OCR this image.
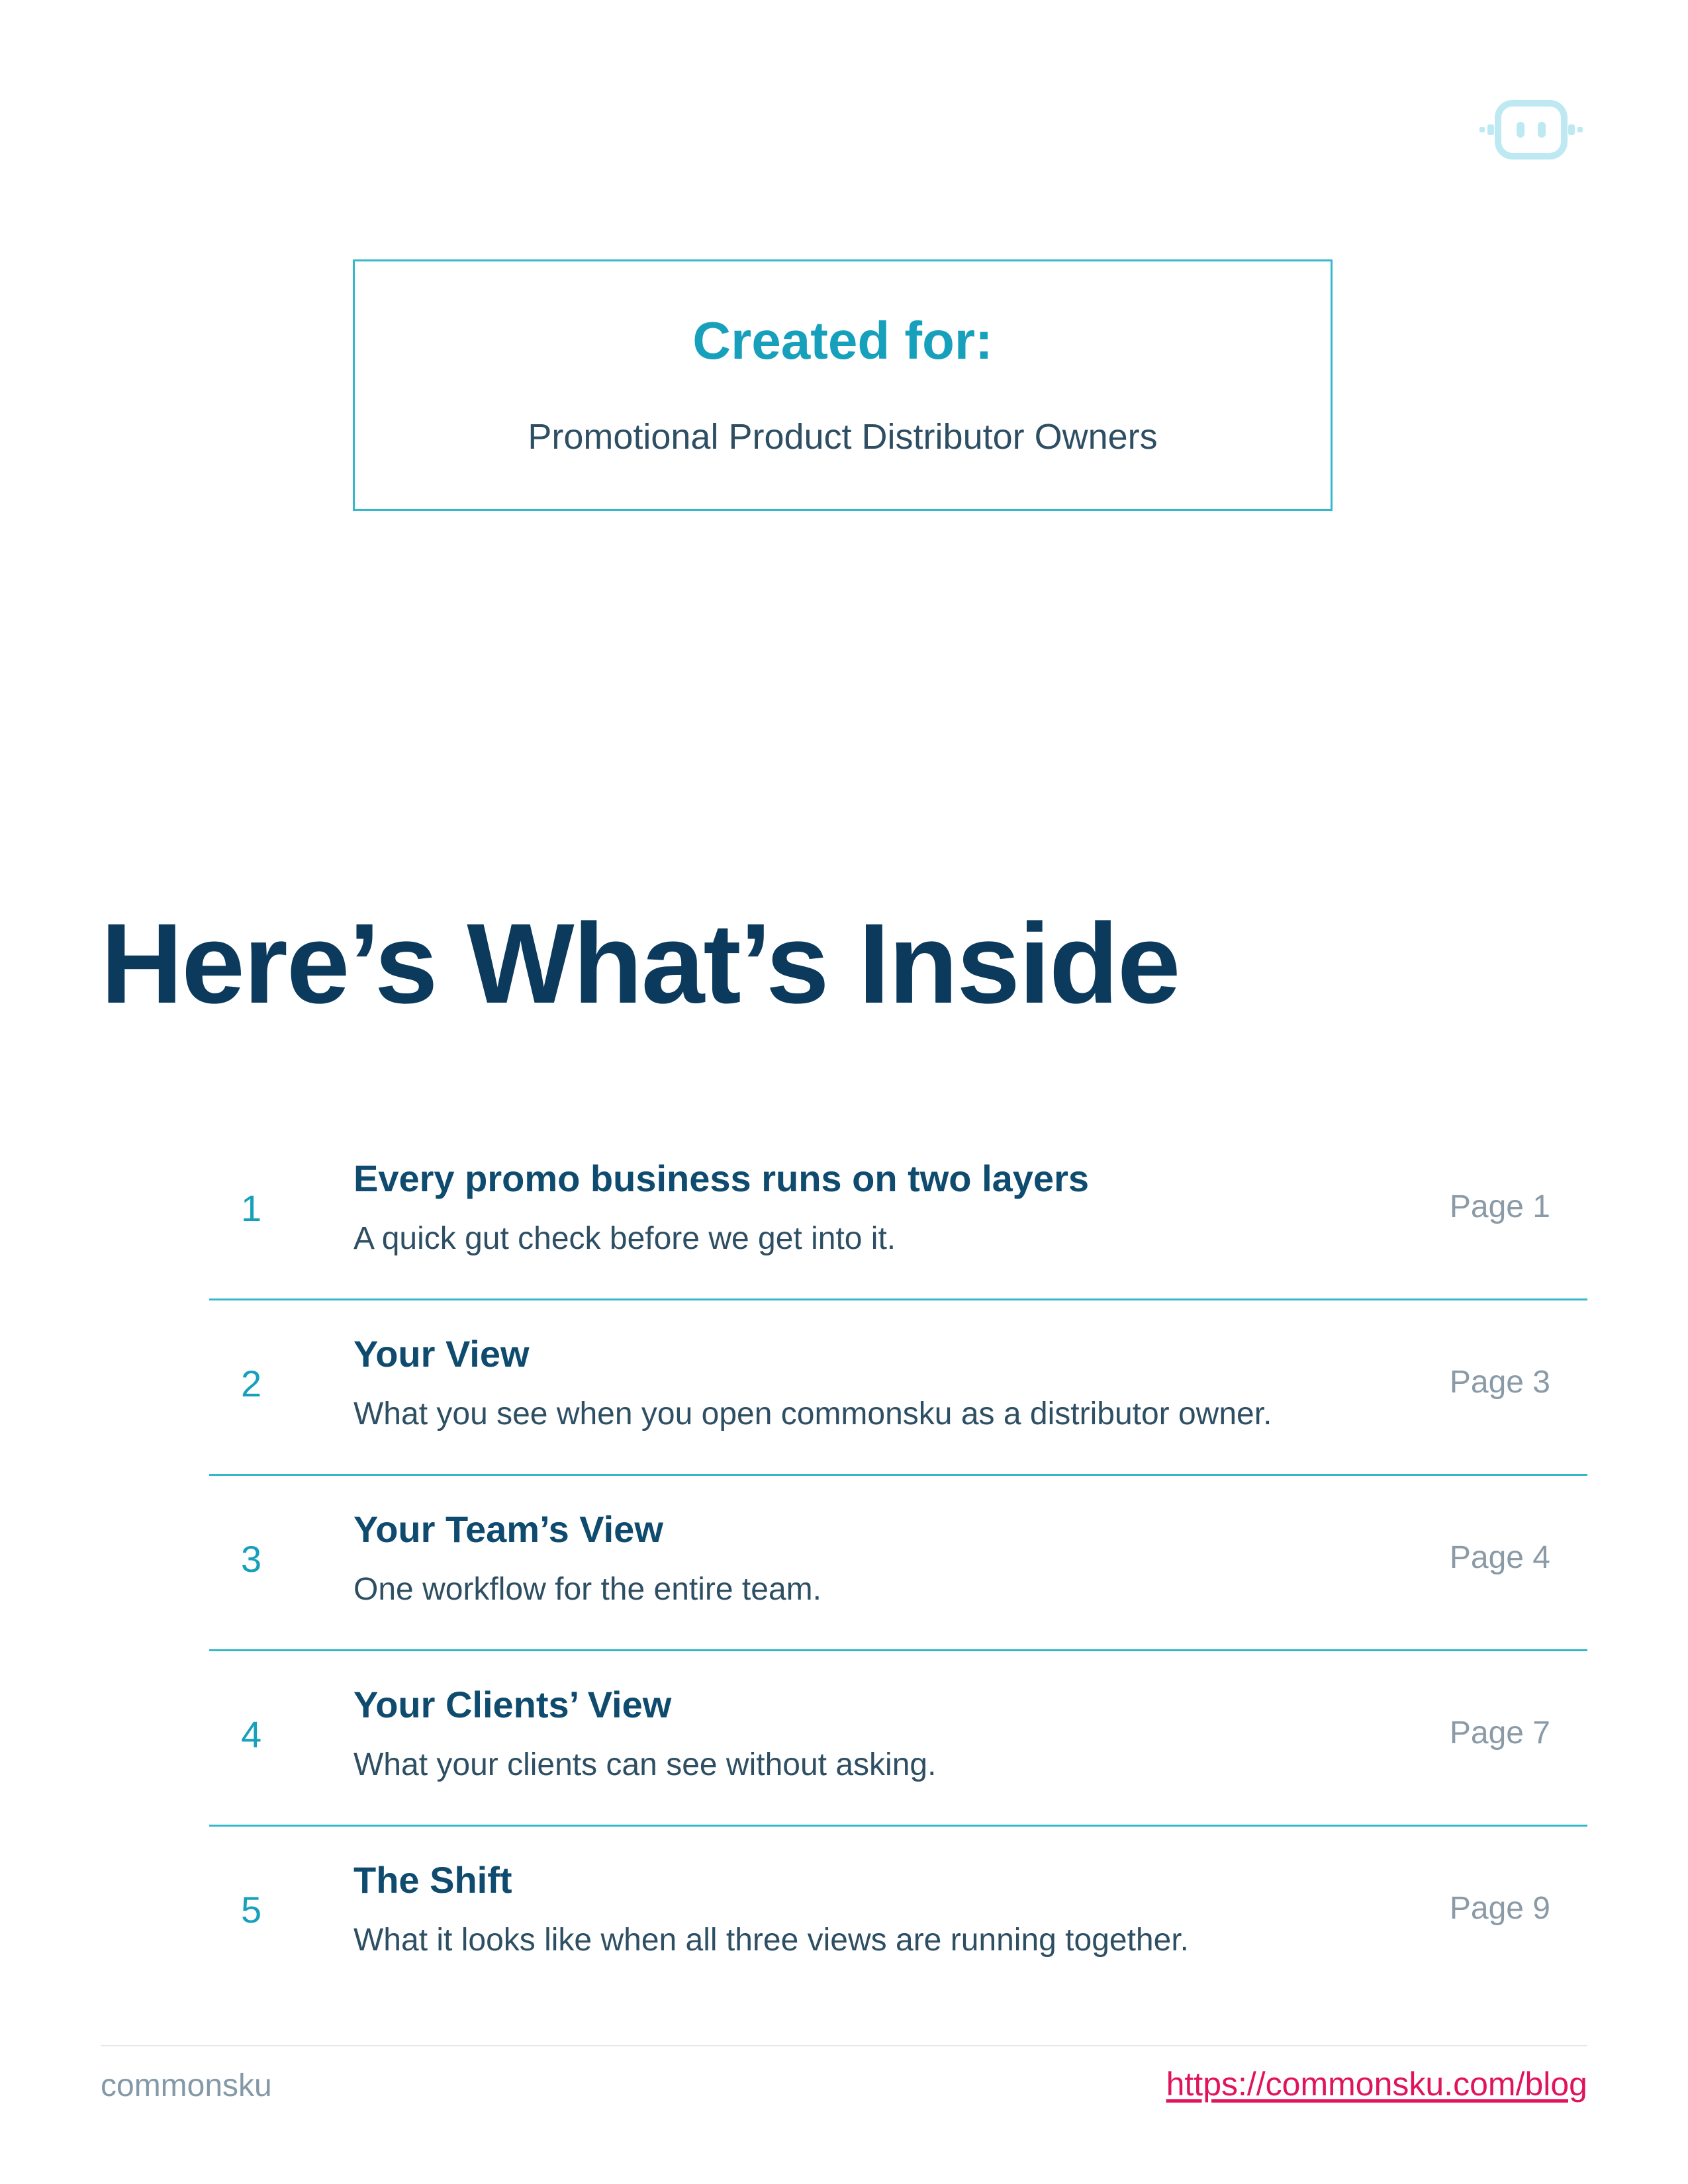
Created for:
Promotional Product Distributor Owners
Here’s What’s Inside
1
Every promo business runs on two layers
A quick gut check before we get into it.
Page 1
2
Your View
What you see when you open commonsku as a distributor owner.
Page 3
3
Your Team’s View
One workflow for the entire team.
Page 4
4
Your Clients’ View
What your clients can see without asking.
Page 7
5
The Shift
What it looks like when all three views are running together.
Page 9
commonsku	https://commonsku.com/blog
